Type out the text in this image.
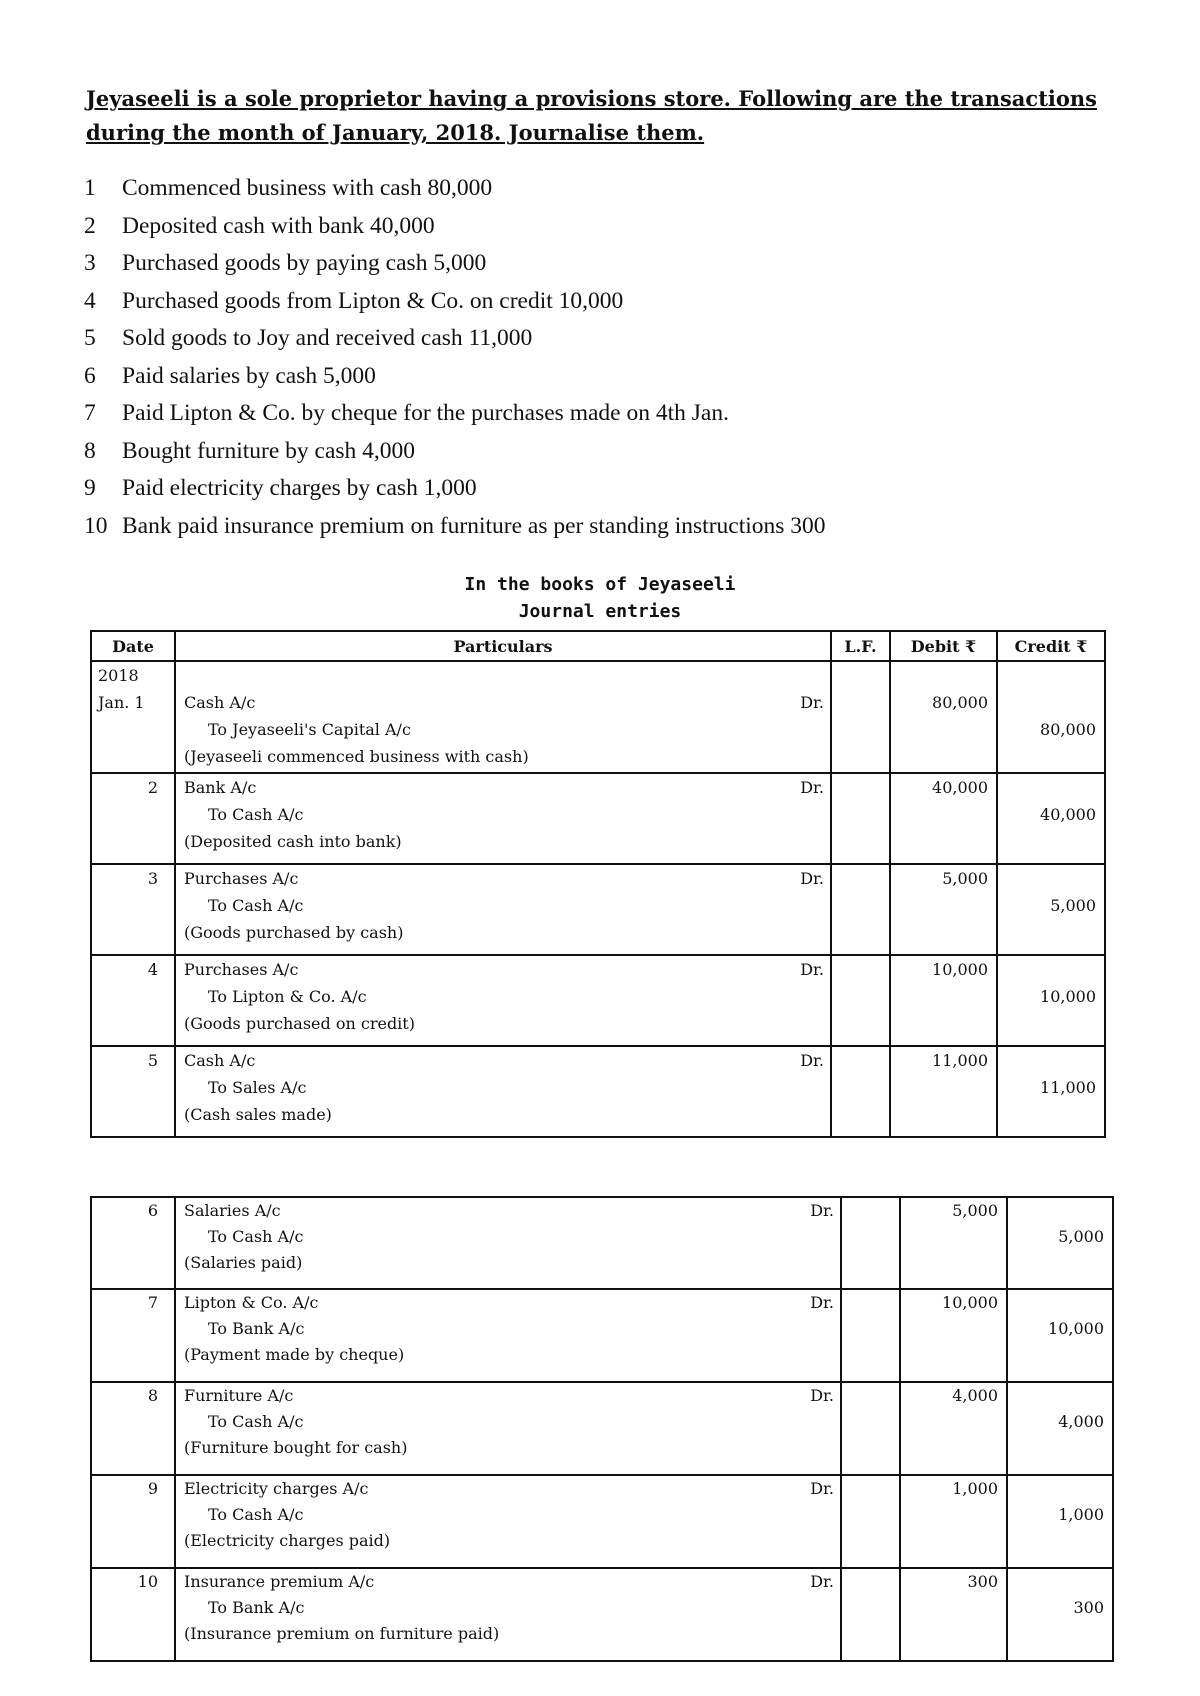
Jeyaseeli is a sole proprietor having a provisions store. Following are the transactions during the month of January, 2018. Journalise them.

1	Commenced business with cash 80,000
2	Deposited cash with bank 40,000
3	Purchased goods by paying cash 5,000
4	Purchased goods from Lipton & Co. on credit 10,000
5	Sold goods to Joy and received cash 11,000
6	Paid salaries by cash 5,000
7	Paid Lipton & Co. by cheque for the purchases made on 4th Jan.
8	Bought furniture by cash 4,000
9	Paid electricity charges by cash 1,000
10 Bank paid insurance premium on furniture as per standing instructions 300

In the books of Jeyaseeli

Journal entries

Date	Particulars	L.F.	Debit ₹	Credit ₹

2018				

Jan. 1	Cash A/c Dr.
To Jeyaseeli's Capital A/c
(Jeyaseeli commenced business with cash)		80,000	80,000

2	Bank A/c Dr.
To Cash A/c
(Deposited cash into bank)		40,000	40,000

3	Purchases A/c Dr.
To Cash A/c
(Goods purchased by cash)		5,000	5,000

4	Purchases A/c Dr.
To Lipton & Co. A/c
(Goods purchased on credit)		10,000	10,000

5	Cash A/c Dr.
To Sales A/c
(Cash sales made)		11,000	11,000
6	Salaries A/c Dr.
To Cash A/c
(Salaries paid)		5,000	5,000

7	Lipton & Co. A/c Dr.
To Bank A/c
(Payment made by cheque)		10,000	10,000

8	Furniture A/c Dr.
To Cash A/c
(Furniture bought for cash)		4,000	4,000

9	Electricity charges A/c Dr.
To Cash A/c
(Electricity charges paid)		1,000	1,000

10	Insurance premium A/c Dr.
To Bank A/c
(Insurance premium on furniture paid)		300	300
